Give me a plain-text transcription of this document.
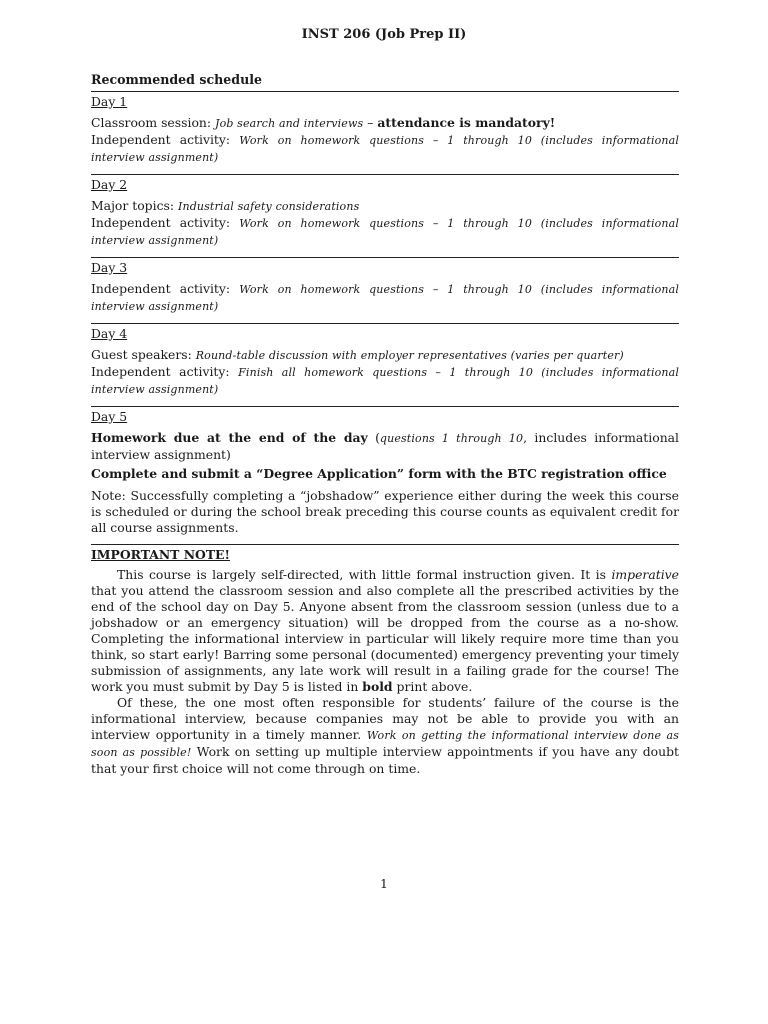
INST 206 (Job Prep II)
Recommended schedule
Day 1

Classroom session: Job search and interviews – attendance is mandatory!

Independent activity: Work on homework questions – 1 through 10 (includes informational interview assignment)

Day 2

Major topics: Industrial safety considerations

Independent activity: Work on homework questions – 1 through 10 (includes informational interview assignment)

Day 3

Independent activity: Work on homework questions – 1 through 10 (includes informational interview assignment)

Day 4

Guest speakers: Round-table discussion with employer representatives (varies per quarter)

Independent activity: Finish all homework questions – 1 through 10 (includes informational interview assignment)

Day 5

Homework due at the end of the day (questions 1 through 10, includes informational interview assignment)

Complete and submit a “Degree Application” form with the BTC registration office

Note: Successfully completing a “jobshadow” experience either during the week this course is scheduled or during the school break preceding this course counts as equivalent credit for all course assignments.

IMPORTANT NOTE!

This course is largely self-directed, with little formal instruction given. It is imperative that you attend the classroom session and also complete all the prescribed activities by the end of the school day on Day 5. Anyone absent from the classroom session (unless due to a jobshadow or an emergency situation) will be dropped from the course as a no-show. Completing the informational interview in particular will likely require more time than you think, so start early! Barring some personal (documented) emergency preventing your timely submission of assignments, any late work will result in a failing grade for the course! The work you must submit by Day 5 is listed in bold print above.

Of these, the one most often responsible for students’ failure of the course is the informational interview, because companies may not be able to provide you with an interview opportunity in a timely manner. Work on getting the informational interview done as soon as possible! Work on setting up multiple interview appointments if you have any doubt that your first choice will not come through on time.

1
